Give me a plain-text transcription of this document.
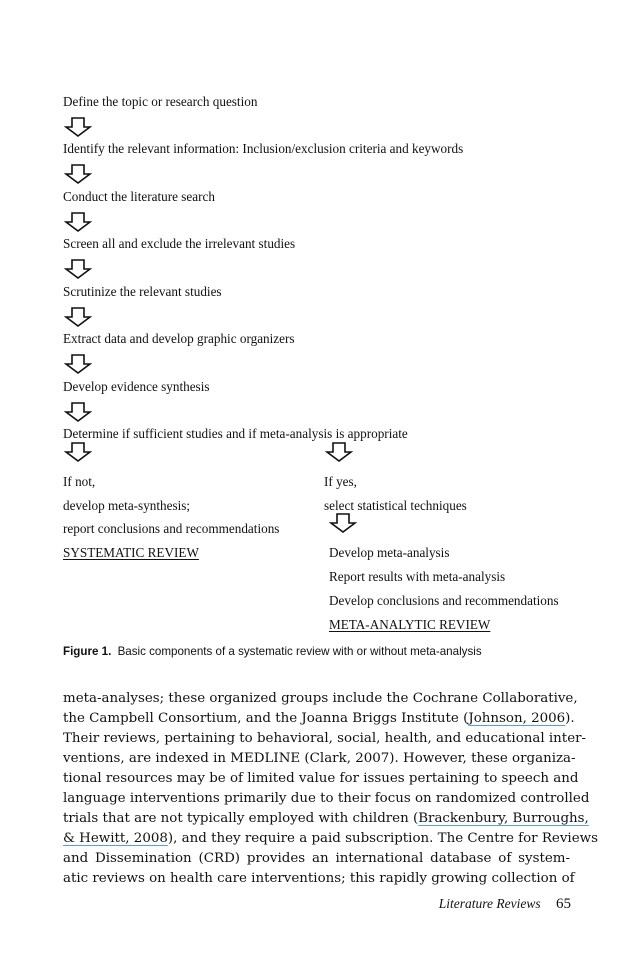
Define the topic or research question
Identify the relevant information: Inclusion/exclusion criteria and keywords
Conduct the literature search
Screen all and exclude the irrelevant studies
Scrutinize the relevant studies
Extract data and develop graphic organizers
Develop evidence synthesis
Determine if sufficient studies and if meta-analysis is appropriate
If not,
develop meta-synthesis;
report conclusions and recommendations
SYSTEMATIC REVIEW
If yes,
select statistical techniques
Develop meta-analysis
Report results with meta-analysis
Develop conclusions and recommendations
META-ANALYTIC REVIEW
Figure 1. Basic components of a systematic review with or without meta-analysis
meta-analyses; these organized groups include the Cochrane Collaborative,
the Campbell Consortium, and the Joanna Briggs Institute (Johnson, 2006).
Their reviews, pertaining to behavioral, social, health, and educational inter-
ventions, are indexed in MEDLINE (Clark, 2007). However, these organiza-
tional resources may be of limited value for issues pertaining to speech and
language interventions primarily due to their focus on randomized controlled
trials that are not typically employed with children (Brackenbury, Burroughs,
& Hewitt, 2008), and they require a paid subscription. The Centre for Reviews
and Dissemination (CRD) provides an international database of system-
atic reviews on health care interventions; this rapidly growing collection of
Literature Reviews 65
